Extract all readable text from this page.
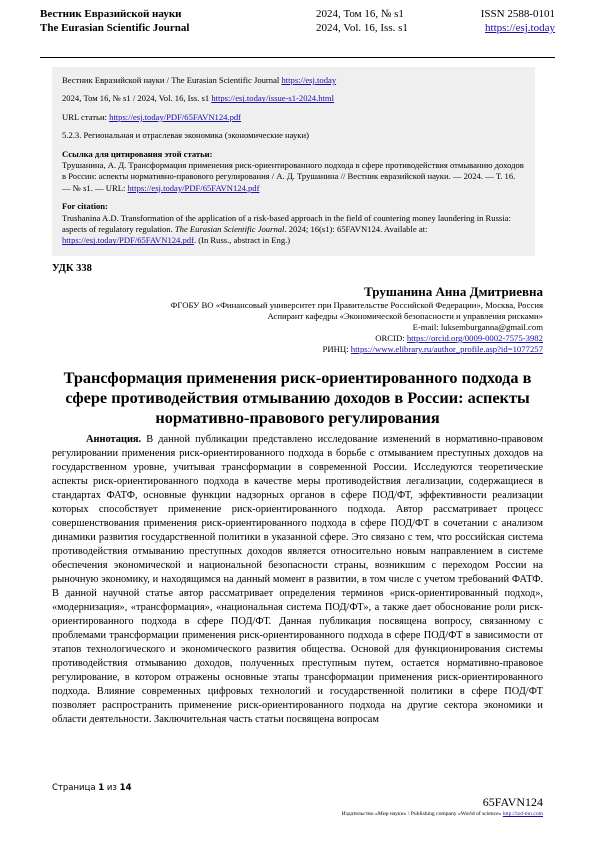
Вестник Евразийской науки
The Eurasian Scientific Journal
2024, Том 16, № s1
2024, Vol. 16, Iss. s1
ISSN 2588-0101
https://esj.today

Вестник Евразийской науки / The Eurasian Scientific Journal https://esj.today

2024, Том 16, № s1 / 2024, Vol. 16, Iss. s1 https://esj.today/issue-s1-2024.html

URL статьи: https://esj.today/PDF/65FAVN124.pdf

5.2.3. Региональная и отраслевая экономика (экономические науки)

Ссылка для цитирования этой статьи:

Трушанина, А. Д. Трансформация применения риск-ориентированного подхода в сфере противодействия отмыванию доходов в России: аспекты нормативно-правового регулирования / А. Д. Трушанина // Вестник евразийской науки. — 2024. — Т. 16. — № s1. — URL: https://esj.today/PDF/65FAVN124.pdf

For citation:

Trushanina A.D. Transformation of the application of a risk-based approach in the field of countering money laundering in Russia: aspects of regulatory regulation. The Eurasian Scientific Journal. 2024; 16(s1): 65FAVN124. Available at: https://esj.today/PDF/65FAVN124.pdf. (In Russ., abstract in Eng.)

УДК 338
Трушанина Анна Дмитриевна
ФГОБУ ВО «Финансовый университет при Правительстве Российской Федерации», Москва, Россия
Аспирант кафедры «Экономической безопасности и управления рисками»
E-mail: luksemburganna@gmail.com
ORCID: https://orcid.org/0009-0002-7575-3982
РИНЦ: https://www.elibrary.ru/author_profile.asp?id=1077257
Трансформация применения риск-ориентированного подхода в сфере противодействия отмыванию доходов в России: аспекты нормативно-правового регулирования
Аннотация. В данной публикации представлено исследование изменений в нормативно-правовом регулировании применения риск-ориентированного подхода в борьбе с отмыванием преступных доходов на государственном уровне, учитывая трансформации в современной России. Исследуются теоретические аспекты риск-ориентированного подхода в качестве меры противодействия легализации, содержащиеся в стандартах ФАТФ, основные функции надзорных органов в сфере ПОД/ФТ, эффективности реализации которых способствует применение риск-ориентированного подхода. Автор рассматривает процесс совершенствования применения риск-ориентированного подхода в сфере ПОД/ФТ в сочетании с анализом динамики развития государственной политики в указанной сфере. Это связано с тем, что российская система противодействия отмыванию преступных доходов является относительно новым направлением в системе обеспечения экономической и национальной безопасности страны, возникшим с переходом России на рыночную экономику, и находящимся на данный момент в развитии, в том числе с учетом требований ФАТФ. В данной научной статье автор рассматривает определения терминов «риск-ориентированный подход», «модернизация», «трансформация», «национальная система ПОД/ФТ», а также дает обоснование роли риск-ориентированного подхода в сфере ПОД/ФТ. Данная публикация посвящена вопросу, связанному с проблемами трансформации применения риск-ориентированного подхода в сфере ПОД/ФТ в зависимости от этапов технологического и экономического развития общества. Основой для функционирования системы противодействия отмыванию доходов, полученных преступным путем, остается нормативно-правовое регулирование, в котором отражены основные этапы трансформации применения риск-ориентированного подхода. Влияние современных цифровых технологий и государственной политики в сфере ПОД/ФТ позволяет распространить применение риск-ориентированного подхода на другие сектора экономики и области деятельности. Заключительная часть статьи посвящена вопросам
Страница 1 из 14
65FAVN124
Издательство «Мир науки» \ Publishing company «World of science» http://izd-mn.com
